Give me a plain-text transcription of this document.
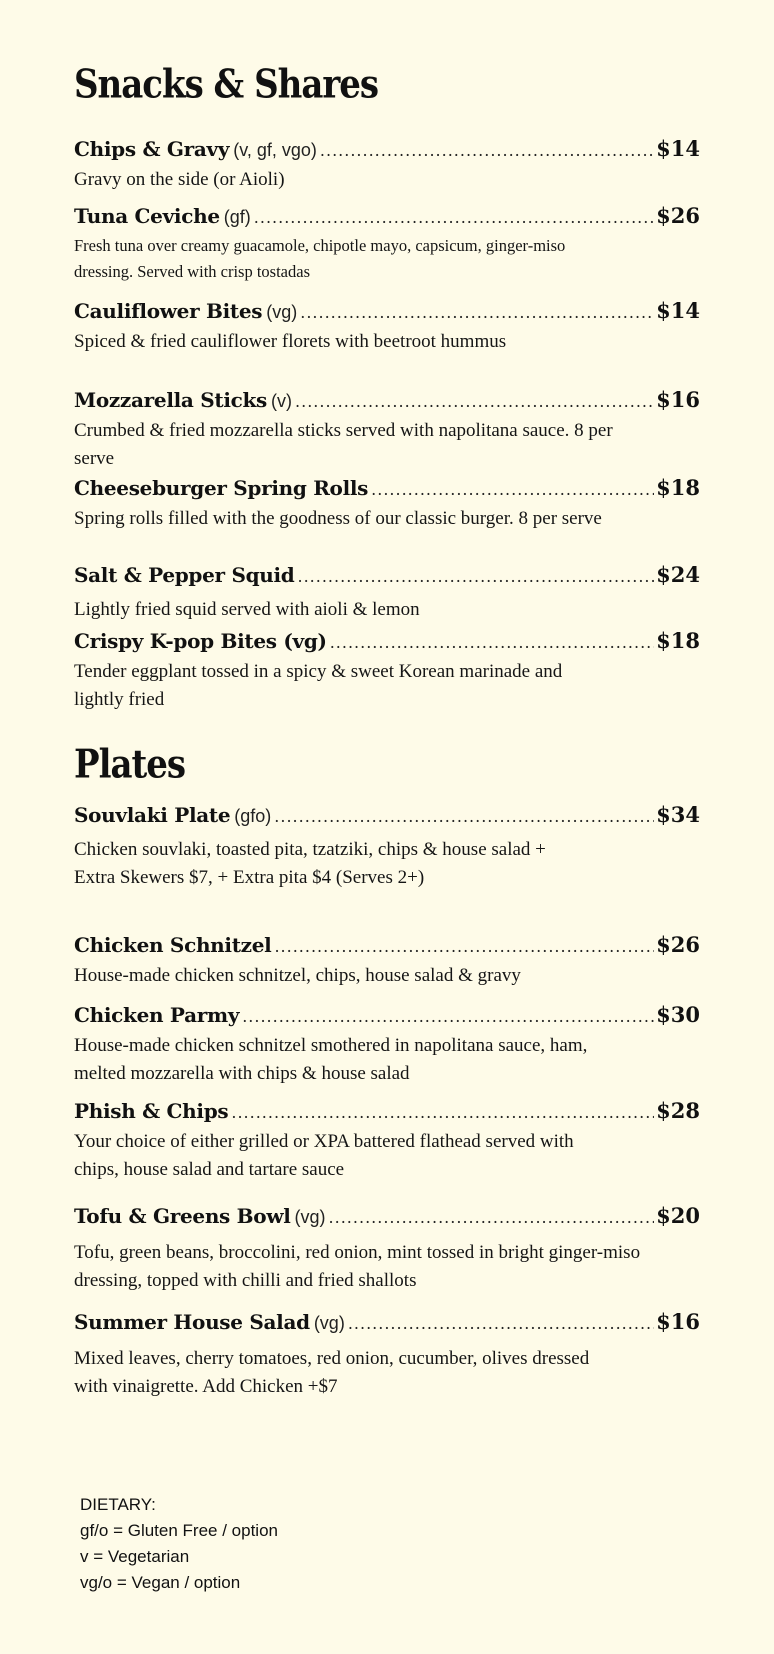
Snacks & Shares
Chips & Gravy (v, gf, vgo) .....	$14
Gravy on the side (or Aioli)
Tuna Ceviche (gf) .....	$26
Fresh tuna over creamy guacamole, chipotle mayo, capsicum, ginger-miso dressing. Served with crisp tostadas
Cauliflower Bites (vg) .....	$14
Spiced & fried cauliflower florets with beetroot hummus
Mozzarella Sticks (v) .....	$16
Crumbed & fried mozzarella sticks served with napolitana sauce. 8 per serve
Cheeseburger Spring Rolls .....	$18
Spring rolls filled with the goodness of our classic burger. 8 per serve
Salt & Pepper Squid .....	$24
Lightly fried squid served with aioli & lemon
Crispy K-pop Bites (vg) .....	$18
Tender eggplant tossed in a spicy & sweet Korean marinade and lightly fried
Plates
Souvlaki Plate (gfo) .....	$34
Chicken souvlaki, toasted pita, tzatziki, chips & house salad + Extra Skewers $7, + Extra pita $4 (Serves 2+)
Chicken Schnitzel .....	$26
House-made chicken schnitzel, chips, house salad & gravy
Chicken Parmy .....	$30
House-made chicken schnitzel smothered in napolitana sauce, ham, melted mozzarella with chips & house salad
Phish & Chips .....	$28
Your choice of either grilled or XPA battered flathead served with chips, house salad and tartare sauce
Tofu & Greens Bowl (vg) .....	$20
Tofu, green beans, broccolini, red onion, mint tossed in bright ginger-miso dressing, topped with chilli and fried shallots
Summer House Salad (vg) .....	$16
Mixed leaves, cherry tomatoes, red onion, cucumber, olives dressed with vinaigrette. Add Chicken +$7
DIETARY:
gf/o = Gluten Free / option
v = Vegetarian
vg/o = Vegan / option
